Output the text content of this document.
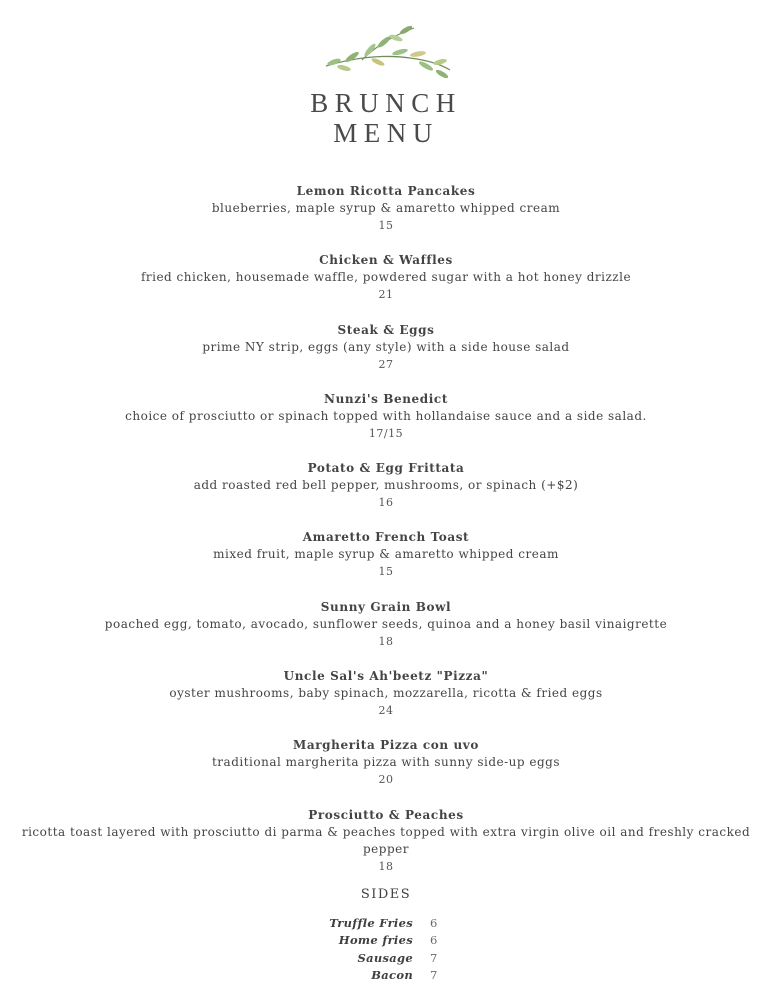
BRUNCH
MENU
Lemon Ricotta Pancakes
blueberries, maple syrup & amaretto whipped cream
15
Chicken & Waffles
fried chicken, housemade waffle, powdered sugar with a hot honey drizzle
21
Steak & Eggs
prime NY strip, eggs (any style) with a side house salad
27
Nunzi's Benedict
choice of prosciutto or spinach topped with hollandaise sauce and a side salad.
17/15
Potato & Egg Frittata
add roasted red bell pepper, mushrooms, or spinach (+$2)
16
Amaretto French Toast
mixed fruit, maple syrup & amaretto whipped cream
15
Sunny Grain Bowl
poached egg, tomato, avocado, sunflower seeds, quinoa and a honey basil vinaigrette
18
Uncle Sal's Ah'beetz "Pizza"
oyster mushrooms, baby spinach, mozzarella, ricotta & fried eggs
24
Margherita Pizza con uvo
traditional margherita pizza with sunny side-up eggs
20
Prosciutto & Peaches
ricotta toast layered with prosciutto di parma & peaches topped with extra virgin olive oil and freshly cracked pepper
18
SIDES
Truffle Fries 6
Home fries 6
Sausage 7
Bacon 7
